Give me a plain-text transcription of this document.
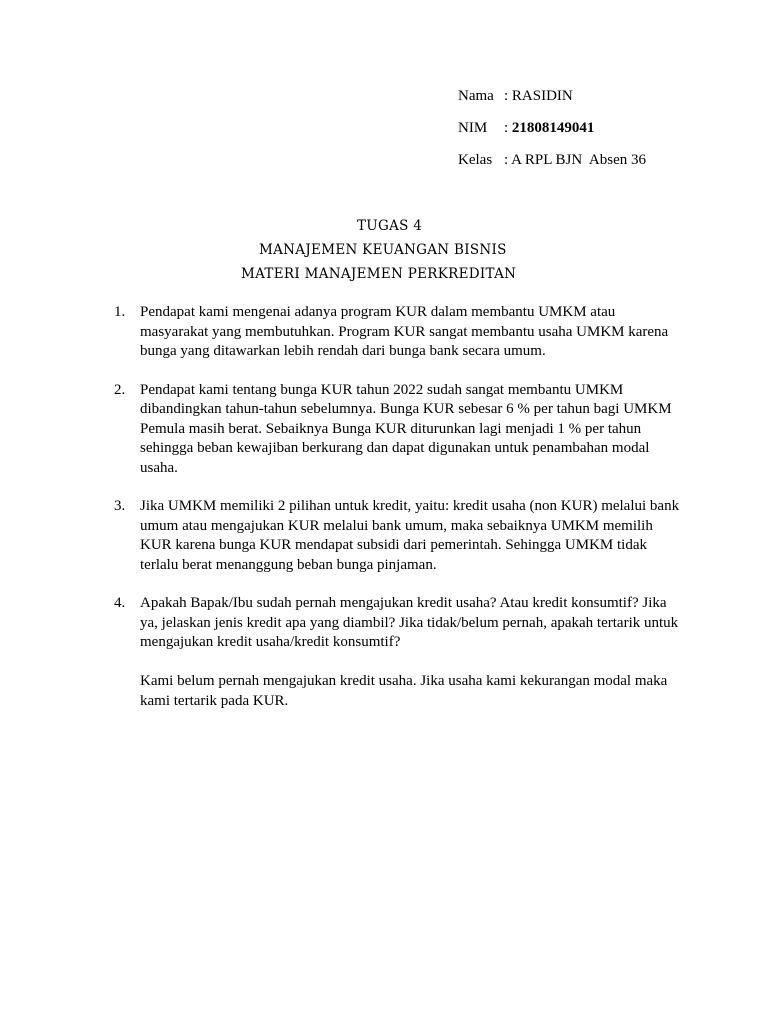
Nama : RASIDIN
NIM	: 21808149041
Kelas : A RPL BJN  Absen 36
TUGAS 4
MANAJEMEN KEUANGAN BISNIS
MATERI MANAJEMEN PERKREDITAN
1. Pendapat kami mengenai adanya program KUR dalam membantu UMKM atau masyarakat yang membutuhkan. Program KUR sangat membantu usaha UMKM karena bunga yang ditawarkan lebih rendah dari bunga bank secara umum.

2. Pendapat kami tentang bunga KUR tahun 2022 sudah sangat membantu UMKM dibandingkan tahun-tahun sebelumnya. Bunga KUR sebesar 6 % per tahun bagi UMKM Pemula masih berat. Sebaiknya Bunga KUR diturunkan lagi menjadi 1 % per tahun sehingga beban kewajiban berkurang dan dapat digunakan untuk penambahan modal usaha.

3. Jika UMKM memiliki 2 pilihan untuk kredit, yaitu: kredit usaha (non KUR) melalui bank umum atau mengajukan KUR melalui bank umum, maka sebaiknya UMKM memilih KUR karena bunga KUR mendapat subsidi dari pemerintah. Sehingga UMKM tidak terlalu berat menanggung beban bunga pinjaman.

4. Apakah Bapak/Ibu sudah pernah mengajukan kredit usaha? Atau kredit konsumtif? Jika ya, jelaskan jenis kredit apa yang diambil? Jika tidak/belum pernah, apakah tertarik untuk mengajukan kredit usaha/kredit konsumtif?

Kami belum pernah mengajukan kredit usaha. Jika usaha kami kekurangan modal maka kami tertarik pada KUR.
